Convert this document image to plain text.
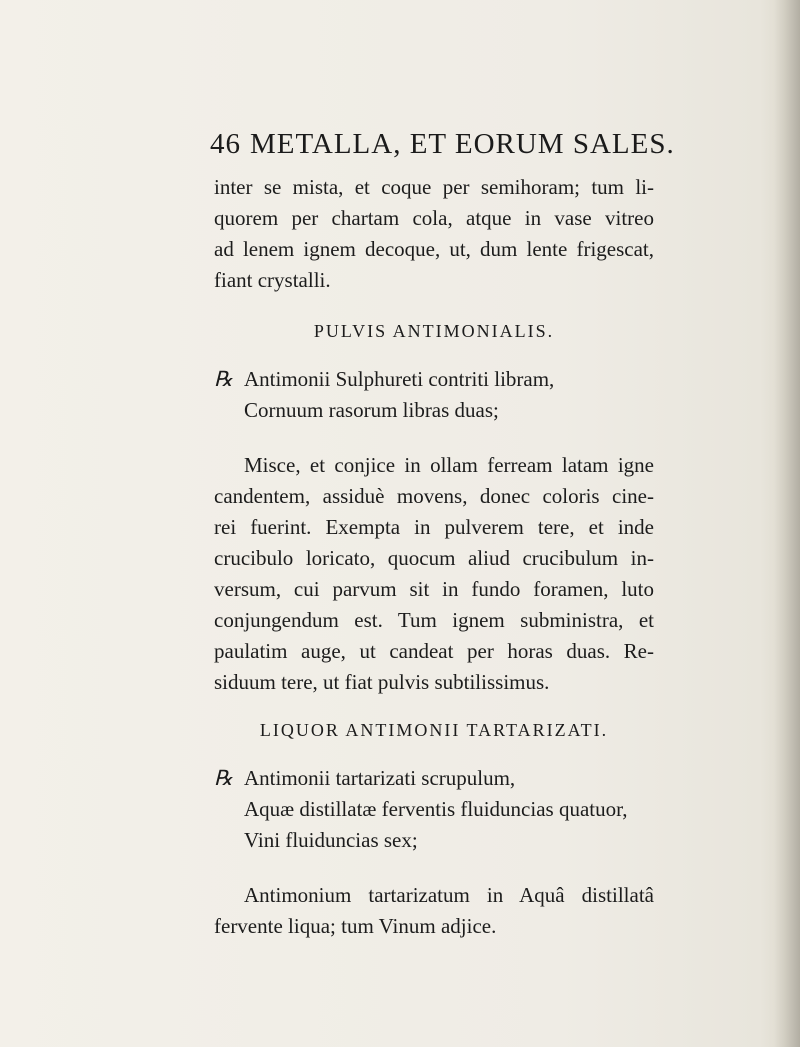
46 METALLA, ET EORUM SALES.
inter se mista, et coque per semihoram; tum li-
quorem per chartam cola, atque in vase vitreo
ad lenem ignem decoque, ut, dum lente frigescat,
fiant crystalli.
PULVIS ANTIMONIALIS.
℞ Antimonii Sulphureti contriti libram,
Cornuum rasorum libras duas;
Misce, et conjice in ollam ferream latam igne
candentem, assiduè movens, donec coloris cine-
rei fuerint. Exempta in pulverem tere, et inde
crucibulo loricato, quocum aliud crucibulum in-
versum, cui parvum sit in fundo foramen, luto
conjungendum est. Tum ignem subministra, et
paulatim auge, ut candeat per horas duas. Re-
siduum tere, ut fiat pulvis subtilissimus.
LIQUOR ANTIMONII TARTARIZATI.
℞ Antimonii tartarizati scrupulum,
Aquæ distillatæ ferventis fluiduncias quatuor,
Vini fluiduncias sex;
Antimonium tartarizatum in Aquâ distillatâ
fervente liqua; tum Vinum adjice.
